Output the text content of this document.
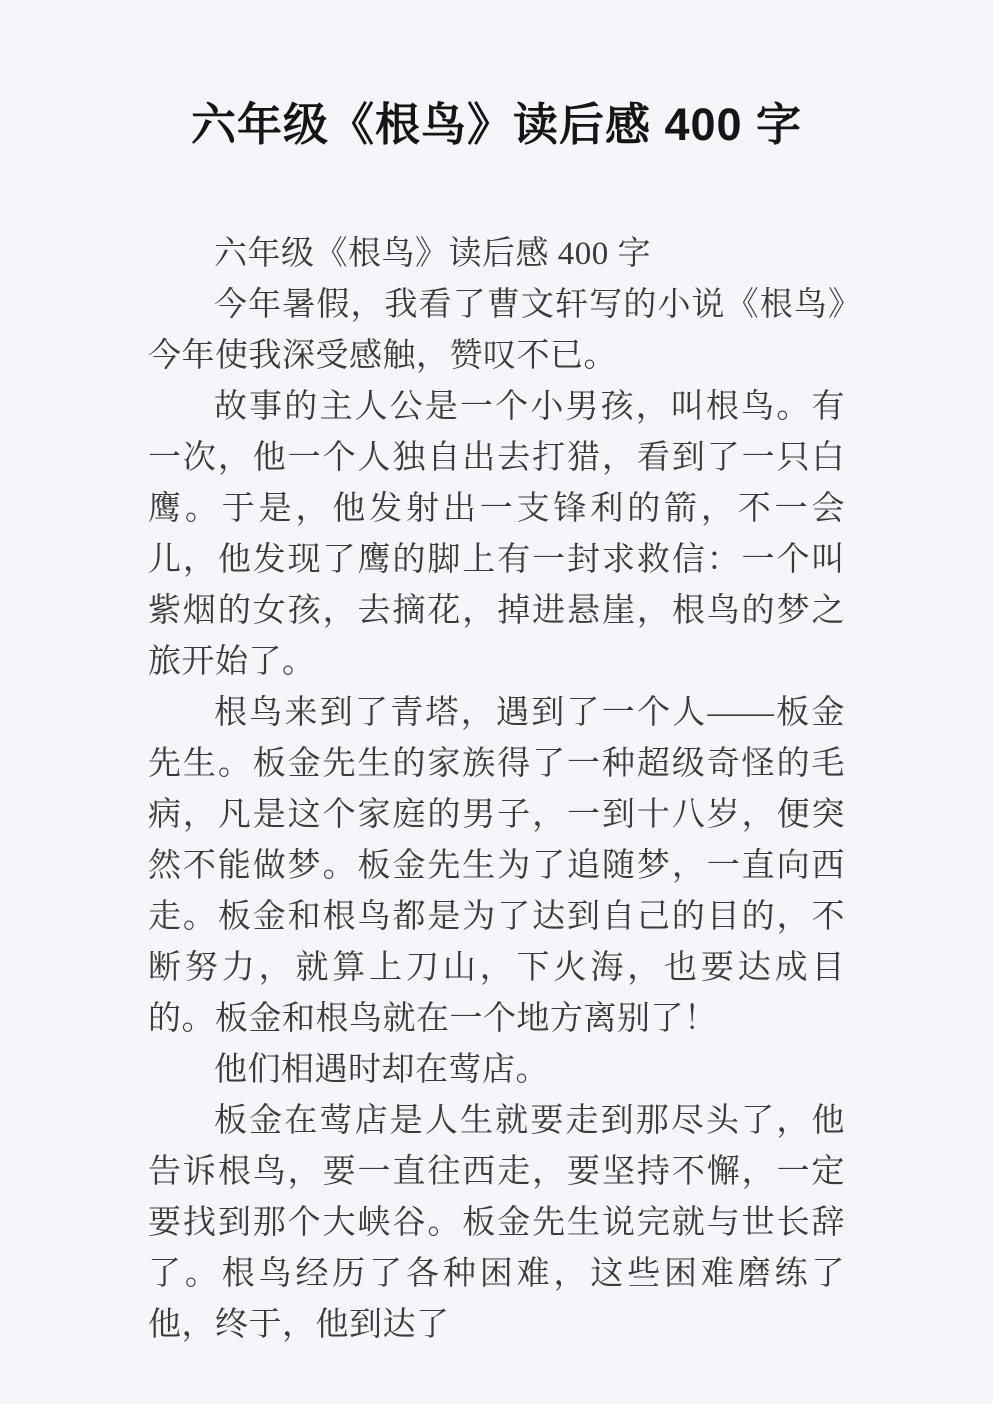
六年级《根鸟》读后感 400 字

六年级《根鸟》读后感 400 字

今年暑假，我看了曹文轩写的小说《根鸟》今年使我深受感触，赞叹不已。

故事的主人公是一个小男孩，叫根鸟。有一次，他一个人独自出去打猎，看到了一只白鹰。于是，他发射出一支锋利的箭，不一会儿，他发现了鹰的脚上有一封求救信：一个叫紫烟的女孩，去摘花，掉进悬崖，根鸟的梦之旅开始了。

根鸟来到了青塔，遇到了一个人——板金先生。板金先生的家族得了一种超级奇怪的毛病，凡是这个家庭的男子，一到十八岁，便突然不能做梦。板金先生为了追随梦，一直向西走。板金和根鸟都是为了达到自己的目的，不断努力，就算上刀山，下火海，也要达成目的。板金和根鸟就在一个地方离别了！

他们相遇时却在莺店。

板金在莺店是人生就要走到那尽头了，他告诉根鸟，要一直往西走，要坚持不懈，一定要找到那个大峡谷。板金先生说完就与世长辞了。根鸟经历了各种困难，这些困难磨练了他，终于，他到达了
